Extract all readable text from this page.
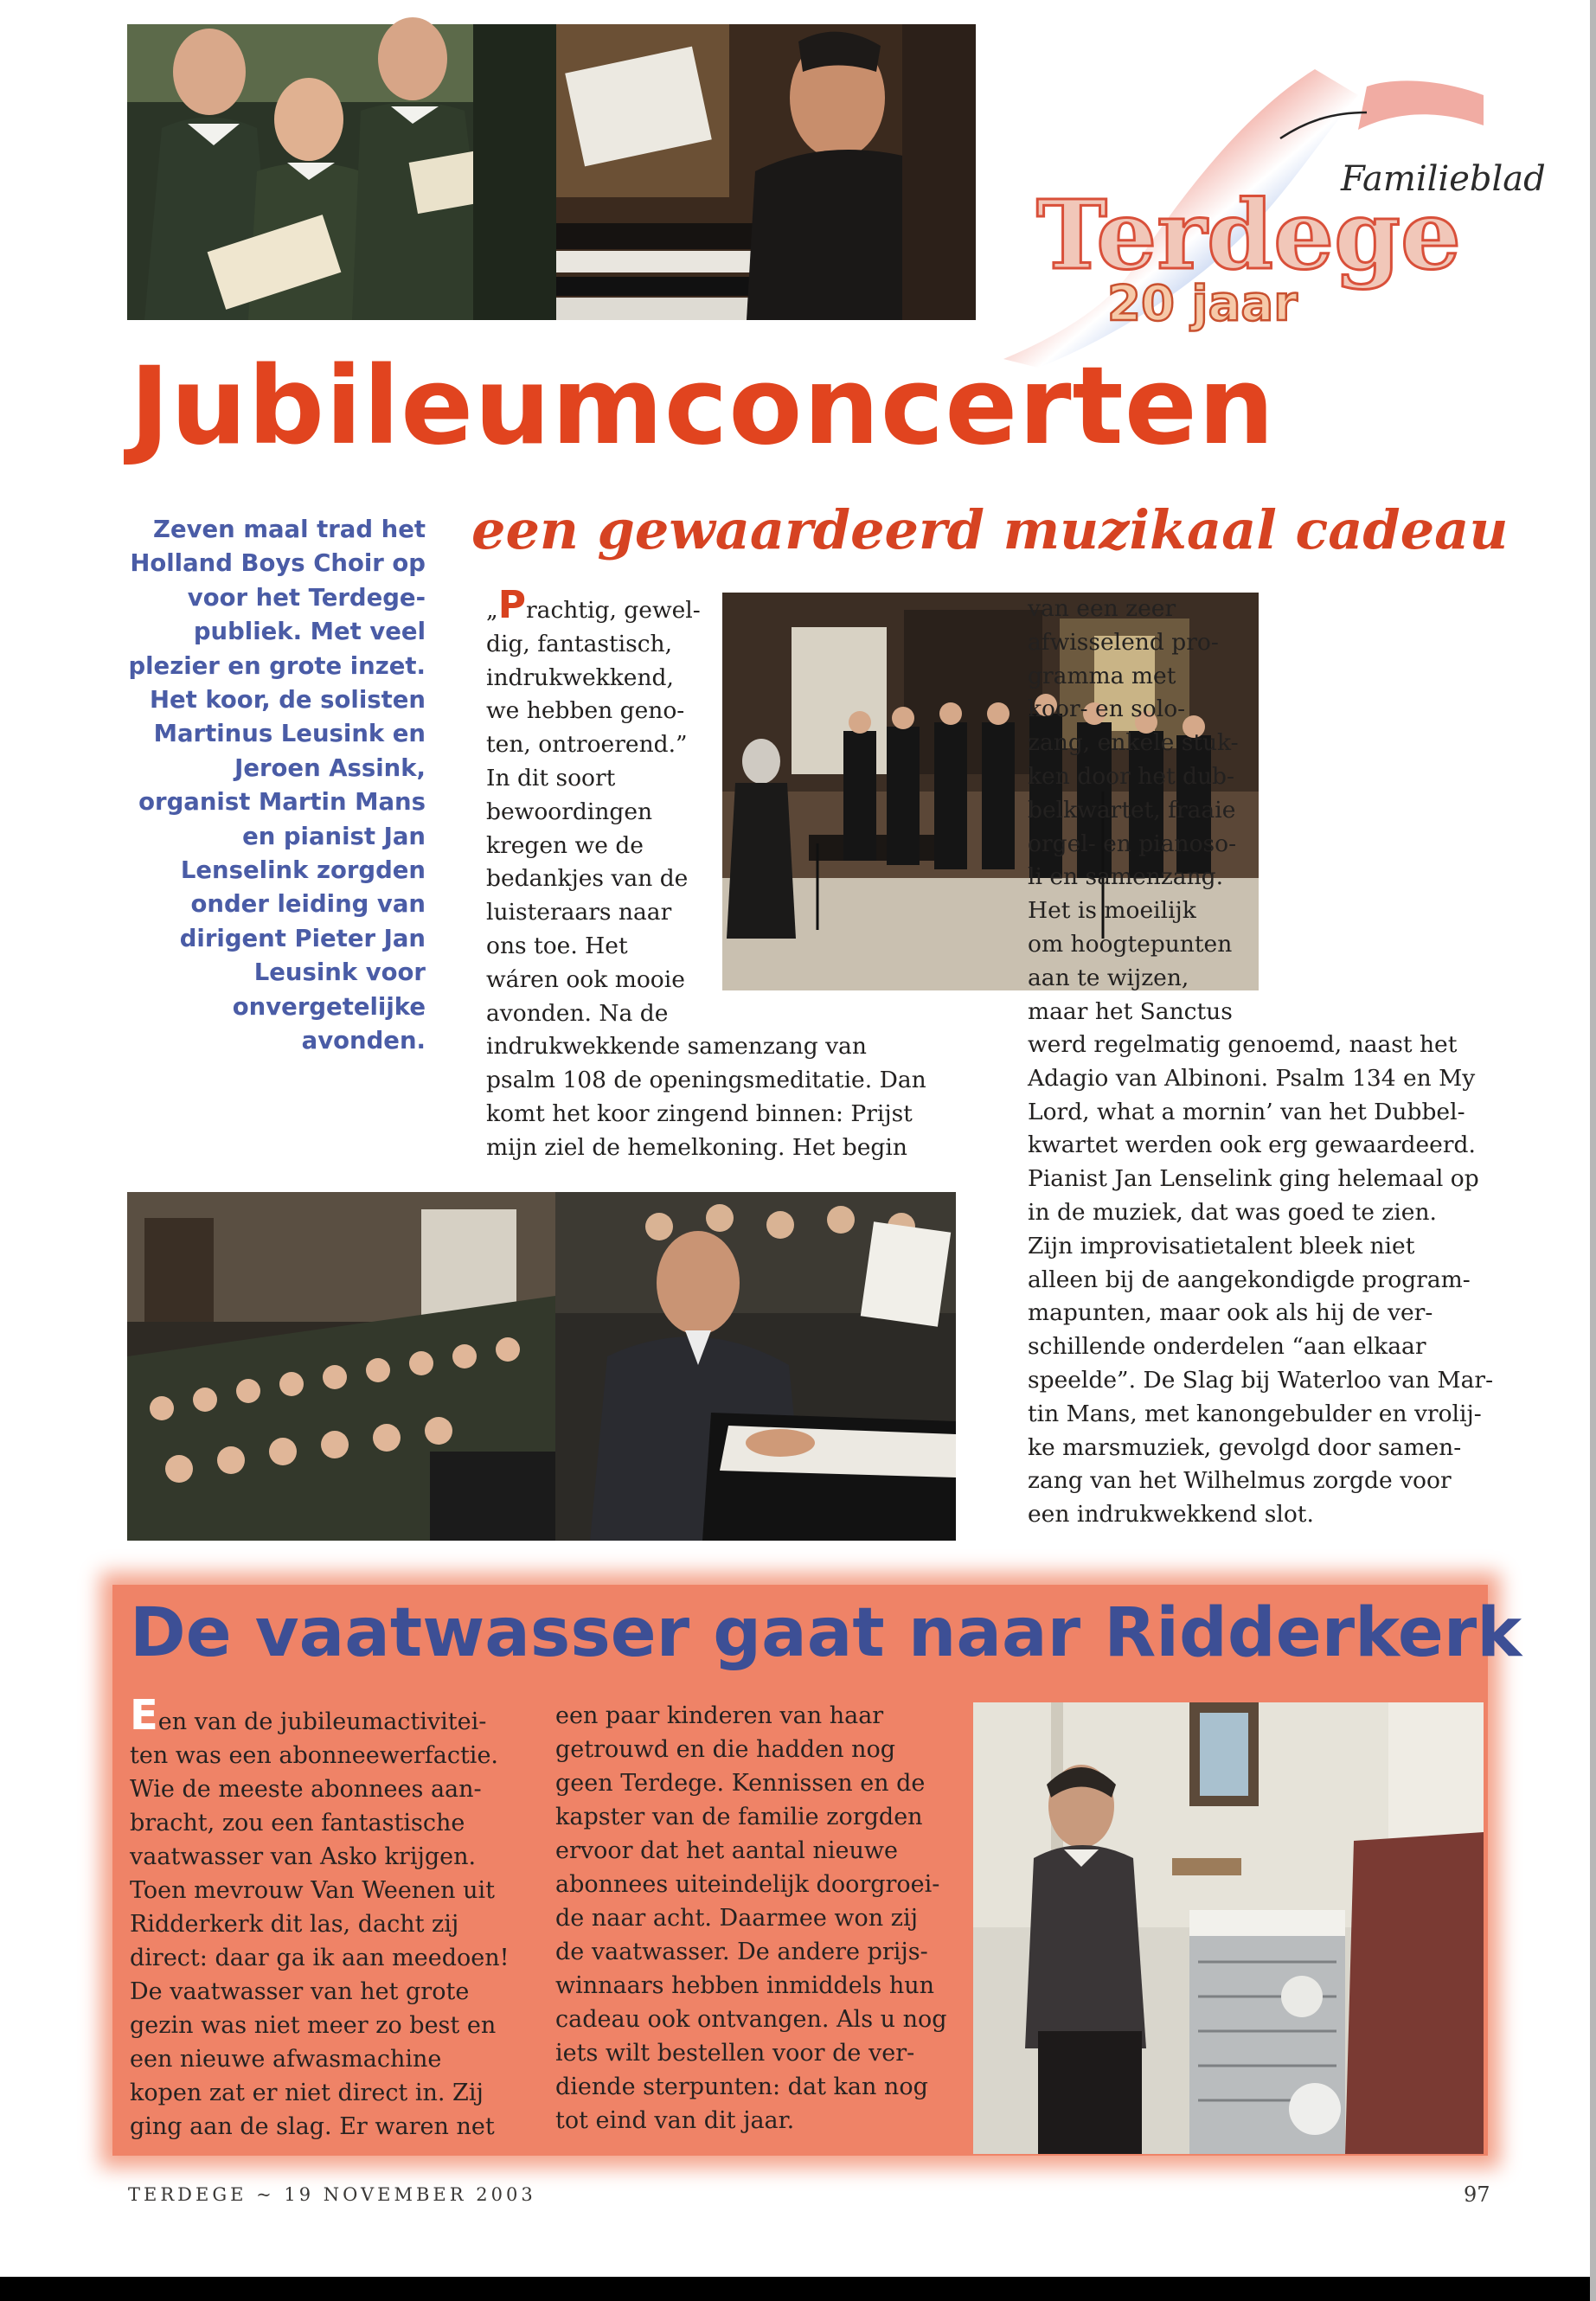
Familieblad
Terdege
20 jaar
Jubileumconcerten
een gewaardeerd muzikaal cadeau

Zeven maal trad het Holland Boys Choir op voor het Terdege-publiek. Met veel plezier en grote inzet. Het koor, de solisten Martinus Leusink en Jeroen Assink, organist Martin Mans en pianist Jan Lenselink zorgden onder leiding van dirigent Pieter Jan Leusink voor onvergetelijke avonden.

„Prachtig, gewel-
dig, fantastisch,
indrukwekkend,
we hebben geno-
ten, ontroerend.”
In dit soort
bewoordingen
kregen we de
bedankjes van de
luisteraars naar
ons toe. Het
wáren ook mooie
avonden. Na de
indrukwekkende samenzang van
psalm 108 de openingsmeditatie. Dan
komt het koor zingend binnen: Prijst
mijn ziel de hemelkoning. Het begin

van een zeer
afwisselend pro-
gramma met
koor- en solo-
zang, enkele stuk-
ken door het dub-
belkwartet, fraaie
orgel- en pianoso-
li en samenzang.
Het is moeilijk
om hoogtepunten
aan te wijzen,
maar het Sanctus

werd regelmatig genoemd, naast het
Adagio van Albinoni. Psalm 134 en My
Lord, what a mornin’ van het Dubbel-
kwartet werden ook erg gewaardeerd.
Pianist Jan Lenselink ging helemaal op
in de muziek, dat was goed te zien.
Zijn improvisatietalent bleek niet
alleen bij de aangekondigde program-
mapunten, maar ook als hij de ver-
schillende onderdelen “aan elkaar
speelde”. De Slag bij Waterloo van Mar-
tin Mans, met kanongebulder en vrolij-
ke marsmuziek, gevolgd door samen-
zang van het Wilhelmus zorgde voor
een indrukwekkend slot.

De vaatwasser gaat naar Ridderkerk

Een van de jubileumactivitei-
ten was een abonneewerfactie.
Wie de meeste abonnees aan-
bracht, zou een fantastische
vaatwasser van Asko krijgen.
Toen mevrouw Van Weenen uit
Ridderkerk dit las, dacht zij
direct: daar ga ik aan meedoen!
De vaatwasser van het grote
gezin was niet meer zo best en
een nieuwe afwasmachine
kopen zat er niet direct in. Zij
ging aan de slag. Er waren net

een paar kinderen van haar
getrouwd en die hadden nog
geen Terdege. Kennissen en de
kapster van de familie zorgden
ervoor dat het aantal nieuwe
abonnees uiteindelijk doorgroei-
de naar acht. Daarmee won zij
de vaatwasser. De andere prijs-
winnaars hebben inmiddels hun
cadeau ook ontvangen. Als u nog
iets wilt bestellen voor de ver-
diende sterpunten: dat kan nog
tot eind van dit jaar.

TERDEGE ~ 19 NOVEMBER 2003	97
